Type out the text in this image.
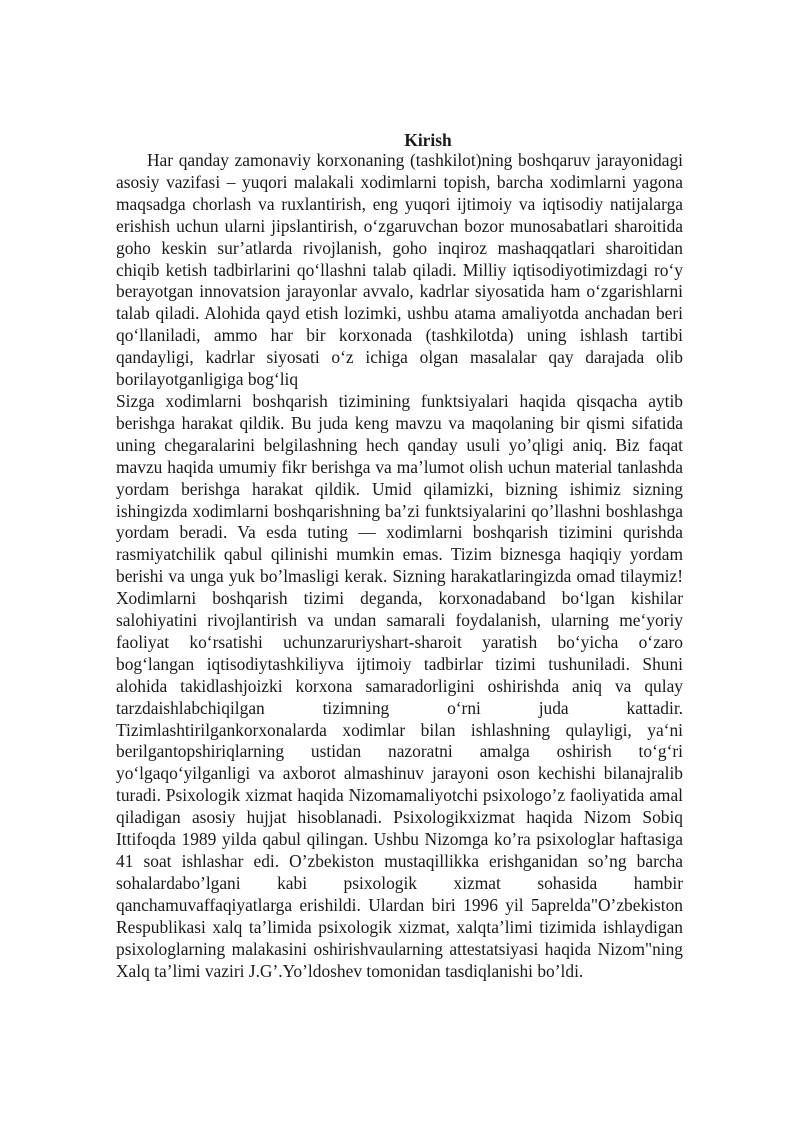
Kirish

Har qanday zamonaviy korxonaning (tashkilot)ning boshqaruv jarayonidagi asosiy vazifasi – yuqori malakali xodimlarni topish, barcha xodimlarni yagona maqsadga chorlash va ruxlantirish, eng yuqori ijtimoiy va iqtisodiy natijalarga erishish uchun ularni jipslantirish, o‘zgaruvchan bozor munosabatlari sharoitida goho keskin sur’atlarda rivojlanish, goho inqiroz mashaqqatlari sharoitidan chiqib ketish tadbirlarini qo‘llashni talab qiladi. Milliy iqtisodiyotimizdagi ro‘y berayotgan innovatsion jarayonlar avvalo, kadrlar siyosatida ham o‘zgarishlarni talab qiladi. Alohida qayd etish lozimki, ushbu atama amaliyotda anchadan beri qo‘llaniladi, ammo har bir korxonada (tashkilotda) uning ishlash tartibi qandayligi, kadrlar siyosati o‘z ichiga olgan masalalar qay darajada olib borilayotganligiga bog‘liq

Sizga xodimlarni boshqarish tizimining funktsiyalari haqida qisqacha aytib berishga harakat qildik. Bu juda keng mavzu va maqolaning bir qismi sifatida uning chegaralarini belgilashning hech qanday usuli yo’qligi aniq. Biz faqat mavzu haqida umumiy fikr berishga va ma’lumot olish uchun material tanlashda yordam berishga harakat qildik. Umid qilamizki, bizning ishimiz sizning ishingizda xodimlarni boshqarishning ba’zi funktsiyalarini qo’llashni boshlashga yordam beradi. Va esda tuting — xodimlarni boshqarish tizimini qurishda rasmiyatchilik qabul qilinishi mumkin emas. Tizim biznesga haqiqiy yordam berishi va unga yuk bo’lmasligi kerak. Sizning harakatlaringizda omad tilaymiz! Xodimlarni boshqarish tizimi deganda, korxonadaband bo‘lgan kishilar salohiyatini rivojlantirish va undan samarali foydalanish, ularning me‘yoriy faoliyat ko‘rsatishi uchunzaruriyshart-sharoit yaratish bo‘yicha o‘zaro bog‘langan iqtisodiytashkiliyva ijtimoiy tadbirlar tizimi tushuniladi. Shuni alohida takidlashjoizki korxona samaradorligini oshirishda aniq va qulay tarzdaishlabchiqilgan tizimning o‘rni juda kattadir. Tizimlashtirilgankorxonalarda xodimlar bilan ishlashning qulayligi, ya‘ni berilgantopshiriqlarning ustidan nazoratni amalga oshirish to‘g‘ri yo‘lgaqo‘yilganligi va axborot almashinuv jarayoni oson kechishi bilanajralib turadi. Psixologik xizmat haqida Nizomamaliyotchi psixologo’z faoliyatida amal qiladigan asosiy hujjat hisoblanadi. Psixologikxizmat haqida Nizom Sobiq Ittifoqda 1989 yilda qabul qilingan. Ushbu Nizomga ko’ra psixologlar haftasiga 41 soat ishlashar edi. O’zbekiston mustaqillikka erishganidan so’ng barcha sohalardabo’lgani kabi psixologik xizmat sohasida hambir qanchamuvaffaqiyatlarga erishildi. Ulardan biri 1996 yil 5aprelda"O’zbekiston Respublikasi xalq ta’limida psixologik xizmat, xalqta’limi tizimida ishlaydigan psixologlarning malakasini oshirishvaularning attestatsiyasi haqida Nizom"ning Xalq ta’limi vaziri J.G’.Yo’ldoshev tomonidan tasdiqlanishi bo’ldi.
